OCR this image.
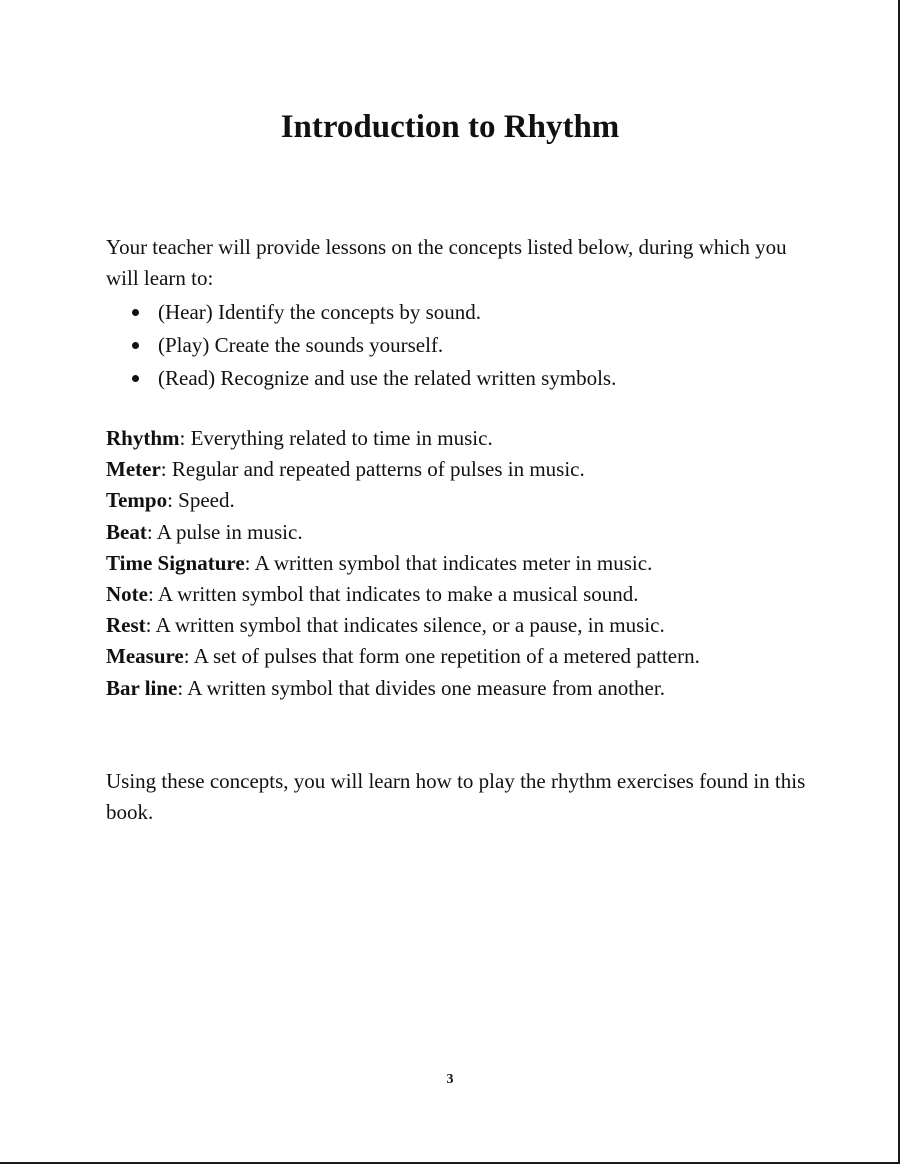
Introduction to Rhythm

Your teacher will provide lessons on the concepts listed below, during which you will learn to:

(Hear) Identify the concepts by sound.
(Play) Create the sounds yourself.
(Read) Recognize and use the related written symbols.
Rhythm: Everything related to time in music.
Meter: Regular and repeated patterns of pulses in music.
Tempo: Speed.
Beat: A pulse in music.
Time Signature: A written symbol that indicates meter in music.
Note: A written symbol that indicates to make a musical sound.
Rest: A written symbol that indicates silence, or a pause, in music.
Measure: A set of pulses that form one repetition of a metered pattern.
Bar line: A written symbol that divides one measure from another.

Using these concepts, you will learn how to play the rhythm exercises found in this book.

3
